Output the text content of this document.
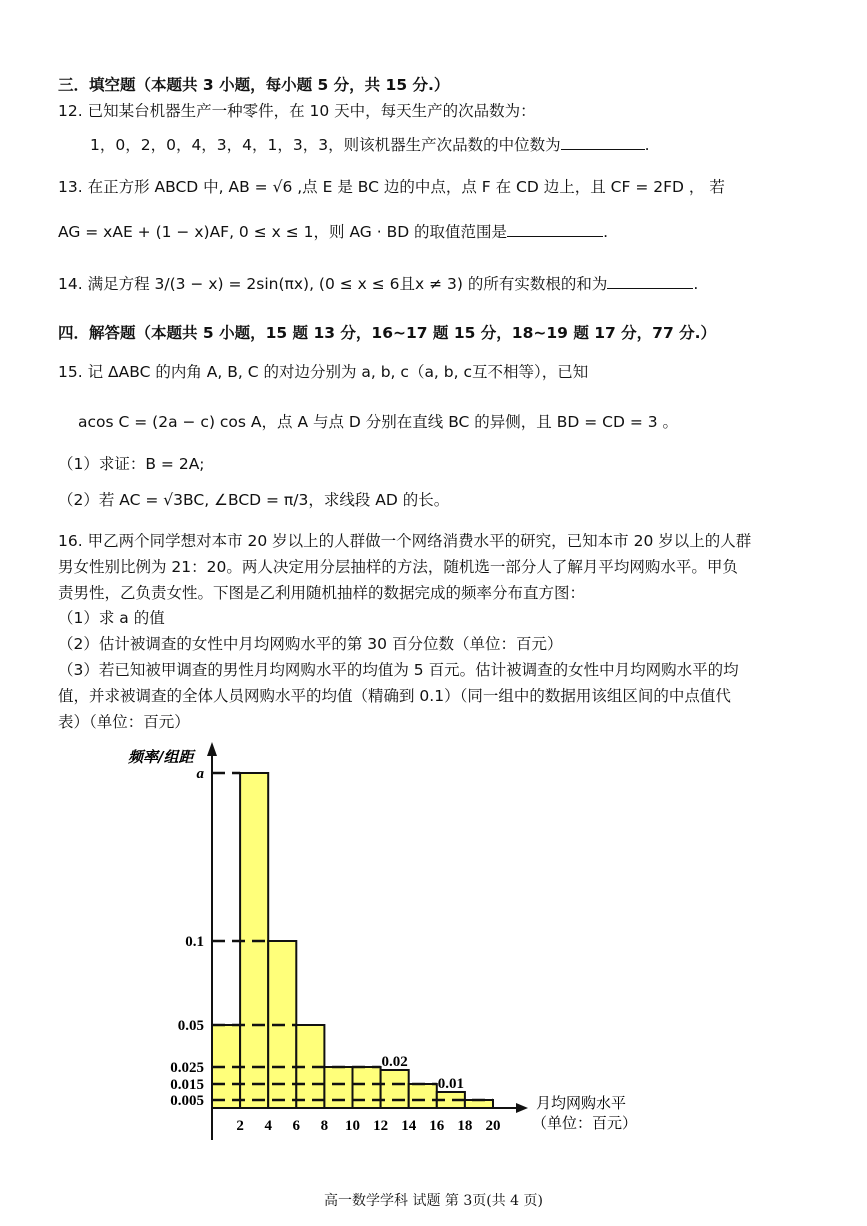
三．填空题（本题共 3 小题，每小题 5 分，共 15 分.）
12. 已知某台机器生产一种零件，在 10 天中，每天生产的次品数为：
1，0，2，0，4，3，4，1，3，3，则该机器生产次品数的中位数为	.
13. 在正方形 ABCD 中, AB = √6 ,点 E 是 BC 边的中点，点 F 在 CD 边上，且 CF = 2FD ， 若
AG = xAE + (1 − x)AF, 0 ≤ x ≤ 1，则 AG · BD 的取值范围是	.
14. 满足方程 3/(3 − x) = 2sin(πx), (0 ≤ x ≤ 6且x ≠ 3) 的所有实数根的和为	.
四．解答题（本题共 5 小题，15 题 13 分，16~17 题 15 分，18~19 题 17 分，77 分.）
15. 记 ΔABC 的内角 A, B, C 的对边分别为 a, b, c（a, b, c互不相等），已知
acos C = (2a − c) cos A，点 A 与点 D 分别在直线 BC 的异侧，且 BD = CD = 3 。
（1）求证：B = 2A;
（2）若 AC = √3BC, ∠BCD = π/3，求线段 AD 的长。
16. 甲乙两个同学想对本市 20 岁以上的人群做一个网络消费水平的研究，已知本市 20 岁以上的人群
男女性别比例为 21：20。两人决定用分层抽样的方法，随机选一部分人了解月平均网购水平。甲负
责男性，乙负责女性。下图是乙利用随机抽样的数据完成的频率分布直方图：
（1）求 a 的值
（2）估计被调查的女性中月均网购水平的第 30 百分位数（单位：百元）
（3）若已知被甲调查的男性月均网购水平的均值为 5 百元。估计被调查的女性中月均网购水平的均
值，并求被调查的全体人员网购水平的均值（精确到 0.1）（同一组中的数据用该组区间的中点值代
表）（单位：百元）
a
0.1
0.05
0.025
0.015
0.005
2 4 6 8 10 12 14 16 18 20
0.02
0.01
频率/组距
月均网购水平
（单位：百元）
高一数学学科 试题 第 3页(共 4 页)
